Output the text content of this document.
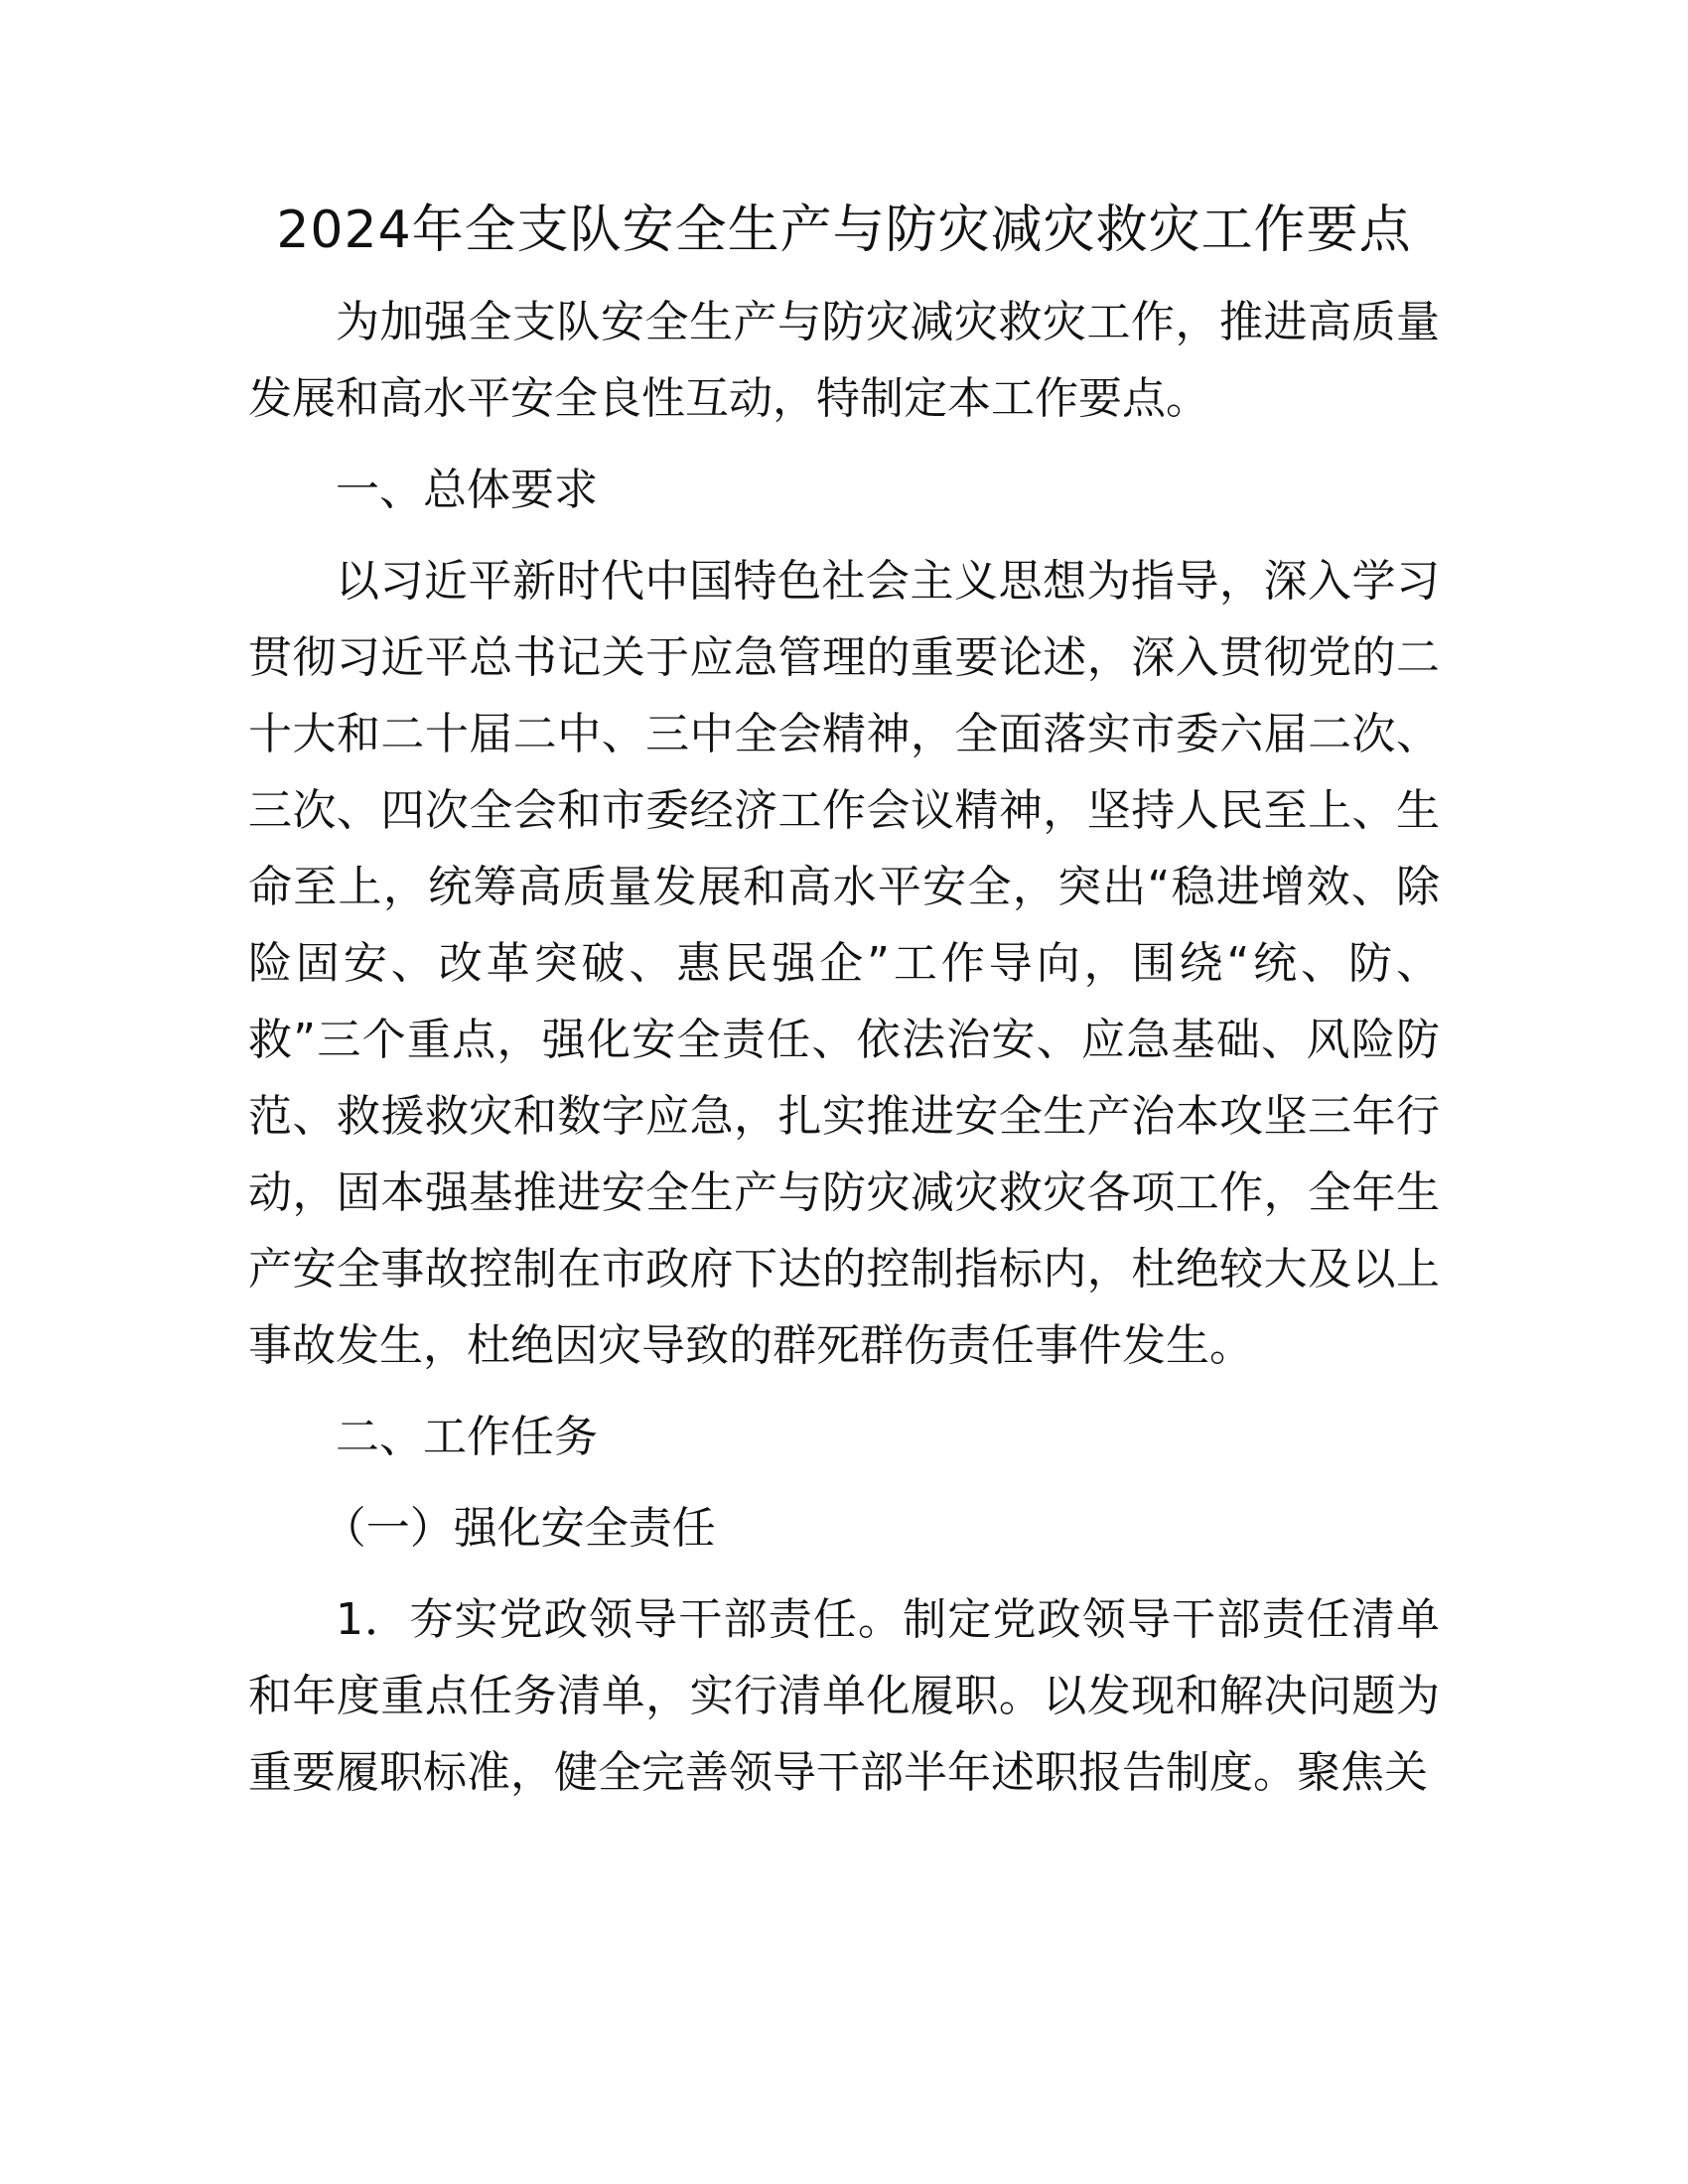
2024年全支队安全生产与防灾减灾救灾工作要点

为加强全支队安全生产与防灾减灾救灾工作，推进高质量发展和高水平安全良性互动，特制定本工作要点。

一、总体要求

以习近平新时代中国特色社会主义思想为指导，深入学习贯彻习近平总书记关于应急管理的重要论述，深入贯彻党的二十大和二十届二中、三中全会精神，全面落实市委六届二次、三次、四次全会和市委经济工作会议精神，坚持人民至上、生命至上，统筹高质量发展和高水平安全，突出“稳进增效、除险固安、改革突破、惠民强企”工作导向，围绕“统、防、救”三个重点，强化安全责任、依法治安、应急基础、风险防范、救援救灾和数字应急，扎实推进安全生产治本攻坚三年行动，固本强基推进安全生产与防灾减灾救灾各项工作，全年生产安全事故控制在市政府下达的控制指标内，杜绝较大及以上事故发生，杜绝因灾导致的群死群伤责任事件发生。

二、工作任务

（一）强化安全责任

1．夯实党政领导干部责任。制定党政领导干部责任清单和年度重点任务清单，实行清单化履职。以发现和解决问题为重要履职标准，健全完善领导干部半年述职报告制度。聚焦关
